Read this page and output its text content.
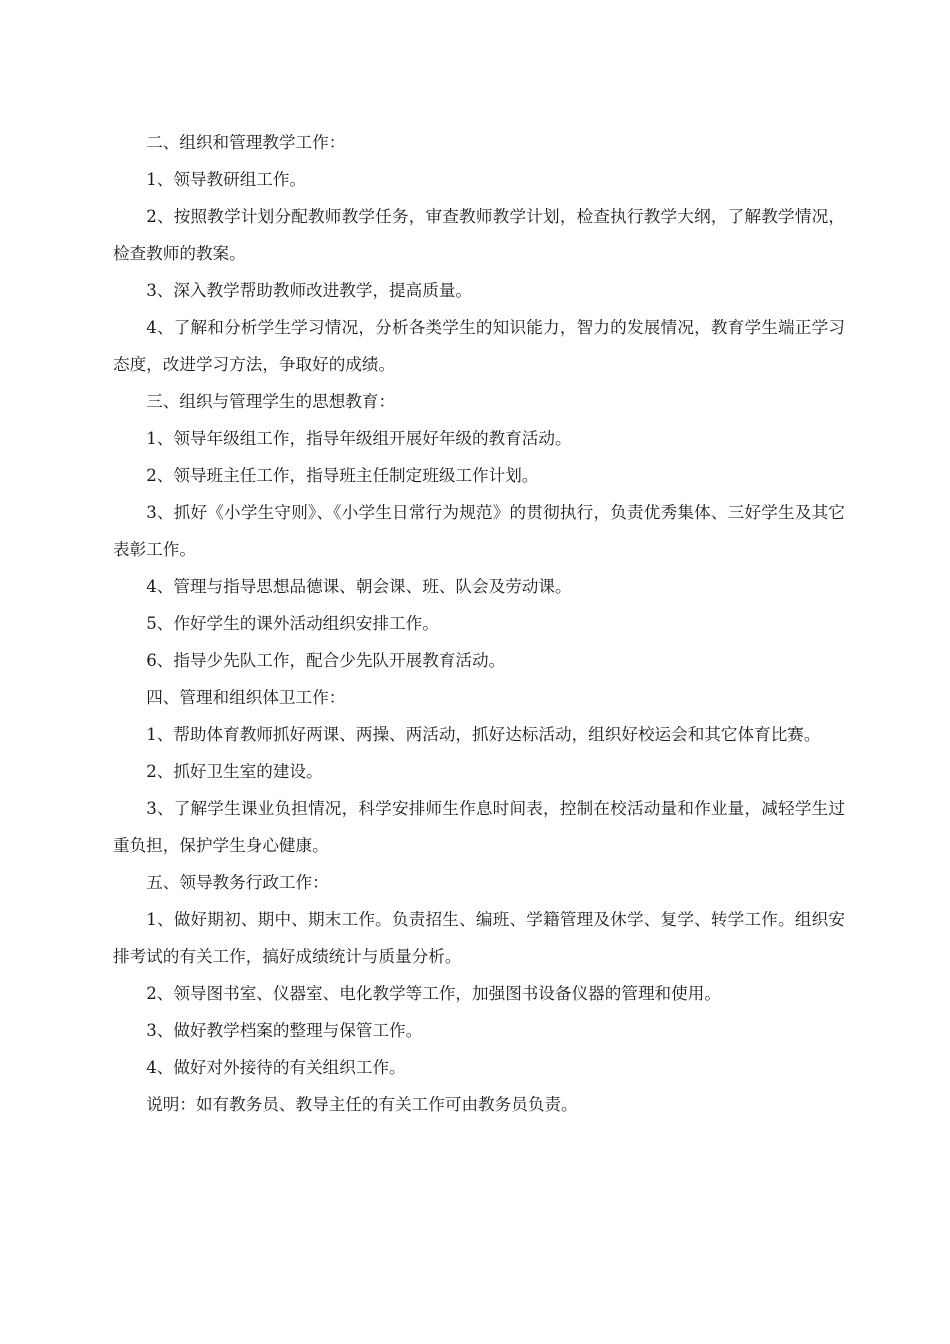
二、组织和管理教学工作：

1、领导教研组工作。

2、按照教学计划分配教师教学任务，审查教师教学计划，检查执行教学大纲，了解教学情况，检查教师的教案。

3、深入教学帮助教师改进教学，提高质量。

4、了解和分析学生学习情况，分析各类学生的知识能力，智力的发展情况，教育学生端正学习态度，改进学习方法，争取好的成绩。

三、组织与管理学生的思想教育：

1、领导年级组工作，指导年级组开展好年级的教育活动。

2、领导班主任工作，指导班主任制定班级工作计划。

3、抓好《小学生守则》、《小学生日常行为规范》的贯彻执行，负责优秀集体、三好学生及其它表彰工作。

4、管理与指导思想品德课、朝会课、班、队会及劳动课。

5、作好学生的课外活动组织安排工作。

6、指导少先队工作，配合少先队开展教育活动。

四、管理和组织体卫工作：

1、帮助体育教师抓好两课、两操、两活动，抓好达标活动，组织好校运会和其它体育比赛。

2、抓好卫生室的建设。

3、了解学生课业负担情况，科学安排师生作息时间表，控制在校活动量和作业量，减轻学生过重负担，保护学生身心健康。

五、领导教务行政工作：

1、做好期初、期中、期末工作。负责招生、编班、学籍管理及休学、复学、转学工作。组织安排考试的有关工作，搞好成绩统计与质量分析。

2、领导图书室、仪器室、电化教学等工作，加强图书设备仪器的管理和使用。

3、做好教学档案的整理与保管工作。

4、做好对外接待的有关组织工作。

说明：如有教务员、教导主任的有关工作可由教务员负责。
